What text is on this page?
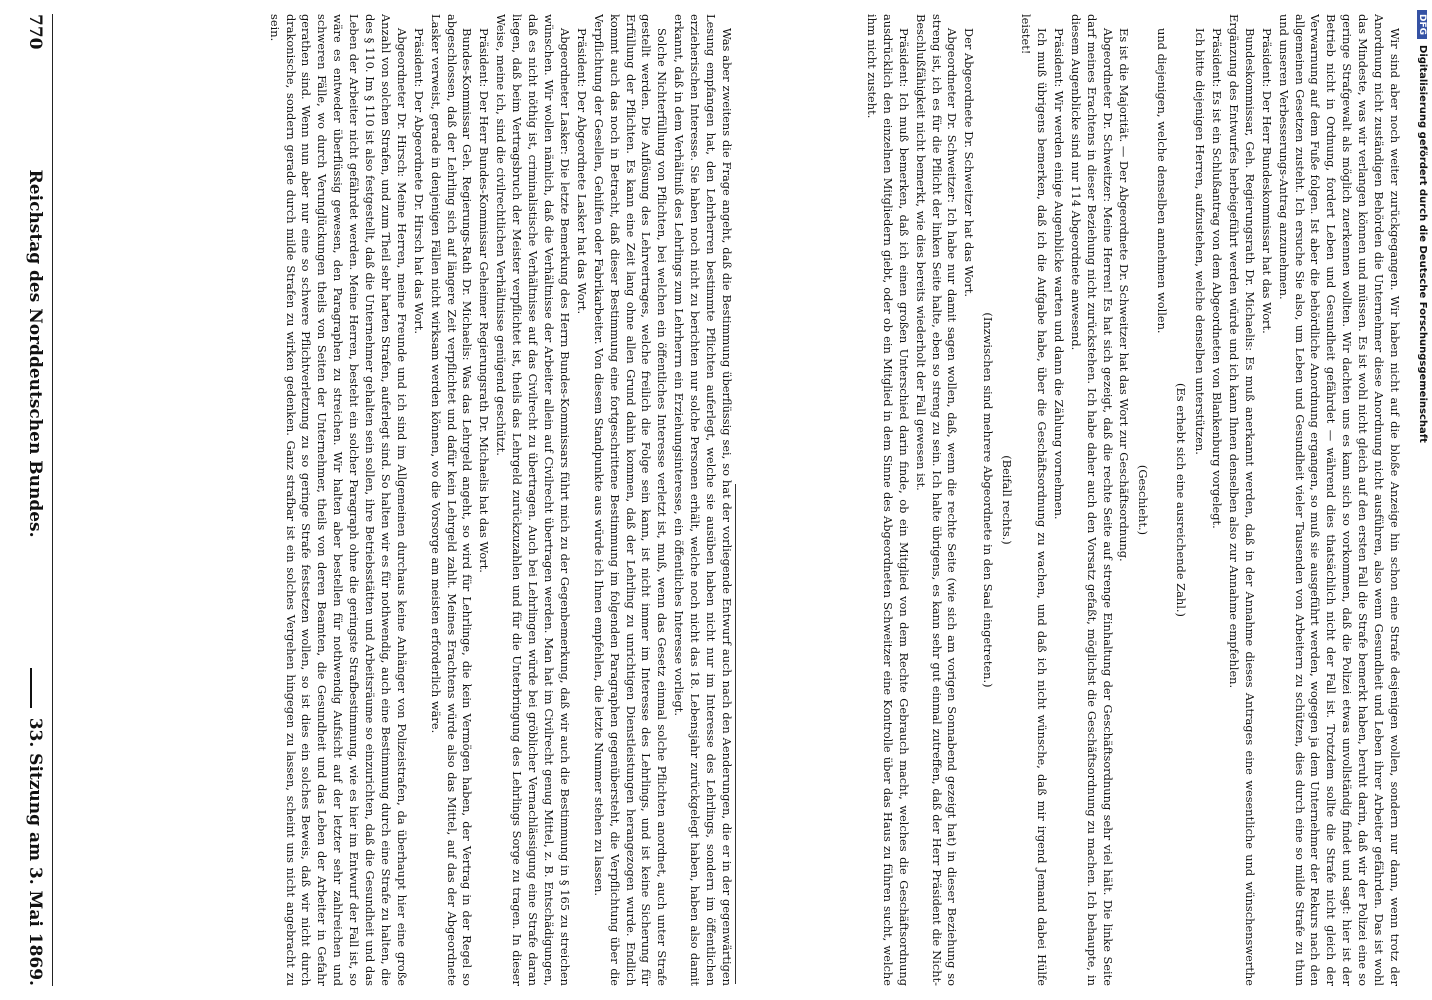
770
Reichstag des Norddeutschen Bundes.
33. Sitzung am 3. Mai 1869.	Was aber zweitens die Frage angeht, daß die Bestimmung überflüssig sei, so hat der vorliegende Entwurf auch nach den Aenderungen, die er in der gegenwärtigen Lesung empfangen hat, den Lehrherren bestimmte Pflichten auferlegt, welche sie ausüben haben nicht nur im Interesse des Lehrlings, sondern im öffentlichen erzieherischen Interesse. Sie haben noch nicht zu berichten nur solche Personen erhält, welche noch nicht das 18. Lebensjahr zurückgelegt haben, haben also damit erkannt, daß in dem Verhältniß des Lehrlings zum Lehrherrn ein Erziehungsinteresse, ein öffentliches Interesse vorliegt.

Solche Nichterfüllung von Pflichten, bei welchen ein öffentliches Interesse verletzt ist, muß, wenn das Gesetz einmal solche Pflichten anordnet, auch unter Strafe gestellt werden. Die Auflösung des Lehrvertrages, welche freilich die Folge sein kann, ist nicht immer im Interesse des Lehrlings, und ist keine Sicherung für Erfüllung der Pflichten. Es kann eine Zeit lang ohne allen Grund dahin kommen, daß der Lehrling zu unrichtigen Dienstleistungen herangezogen wurde. Endlich kommt auch das noch in Betracht, daß dieser Bestimmung eine fortgeschrittene Bestimmung im folgenden Paragraphen gegenübersteht, die Verpflichtung über die Verpflichtung der Gesellen, Gehilfen oder Fabrikarbeiter. Von diesem Standpunkte aus würde ich Ihnen empfehlen, die letzte Nummer stehen zu lassen.

Präsident: Der Abgeordnete Lasker hat das Wort.

Abgeordneter Lasker: Die letzte Bemerkung des Herrn Bundes-Kommissars führt mich zu der Gegenbemerkung, daß wir auch die Bestimmung in § 165 zu streichen wünschen. Wir wollen nämlich, daß die Verhältnisse der Arbeiter allein auf Civilrecht übertragen werden. Man hat im Civilrecht genug Mittel, z. B. Entschädigungen, daß es nicht nöthig ist, criminalistische Verhältnisse auf das Civilrecht zu übertragen. Auch bei Lehrlingen würde bei gröblicher Vernachlässigung eine Strafe daran liegen, daß beim Vertragsbruch der Meister verpflichtet ist, theils das Lehrgeld zurückzuzahlen und für die Unterbringung des Lehrlings Sorge zu tragen. In dieser Weise, meine ich, sind die civilrechtlichen Verhältnisse genügend geschützt.

Präsident: Der Herr Bundes-Kommissar Geheimer Regierungsrath Dr. Michaelis hat das Wort.

Bundes-Kommissar Geh. Regierungs-Rath Dr. Michaelis: Was das Lehrgeld angeht, so wird für Lehrlinge, die kein Vermögen haben, der Vertrag in der Regel so abgeschlossen, daß der Lehrling sich auf längere Zeit verpflichtet und dafür kein Lehrgeld zahlt. Meines Erachtens würde also das Mittel, auf das der Abgeordnete Lasker verweist, gerade in denjenigen Fällen nicht wirksam werden können, wo die Vorsorge am meisten erforderlich wäre.

Präsident: Der Abgeordnete Dr. Hirsch hat das Wort.

Abgeordneter Dr. Hirsch: Meine Herren, meine Freunde und ich sind im Allgemeinen durchaus keine Anhänger von Polizeistrafen, da überhaupt hier eine große Anzahl von solchen Strafen, und zum Theil sehr harten Strafen, auferlegt sind. So halten wir es für nothwendig, auch eine Bestimmung durch eine Strafe zu halten, die des § 110. Im § 110 ist also festgestellt, daß die Unternehmer gehalten sein sollen, ihre Betriebsstätten und Arbeitsräume so einzurichten, daß die Gesundheit und das Leben der Arbeiter nicht gefährdet werden. Meine Herren, besteht ein solcher Paragraph ohne die geringste Strafbestimmung, wie es hier im Entwurf der Fall ist, so wäre es entweder überflüssig gewesen, den Paragraphen zu streichen. Wir halten aber bestellen für nothwendig Aufsicht auf der letzter sehr zahlreichen und schweren Fälle, wo durch Verunglückungen theils von Seiten der Unternehmer, theils von deren Beamten, die Gesundheit und das Leben der Arbeiter in Gefahr gerathen sind. Wenn nun aber nur eine so schwere Pflichtverletzung zu so geringe Strafe festsetzen wollen, so ist dies ein solches Beweis, daß wir nicht durch drakonische, sondern gerade durch milde Strafen zu wirken gedenken. Ganz strafbar ist ein solches Vergehen hingegen zu lassen, scheint uns nicht angebracht zu sein.

Wir sind aber noch weiter zurückgegangen. Wir haben nicht auf die bloße Anzeige hin schon eine Strafe desjenigen wollen, sondern nur dann, wenn trotz der Anordnung nicht zuständigen Behörden die Unternehmer diese Anordnung nicht ausführen, also wenn Gesundheit und Leben ihrer Arbeiter gefährden. Das ist wohl das Mindeste, was wir verlangen können und müssen. Es ist wohl nicht gleich auf den ersten Fall die Strafe bemerkt haben, beruht darin, daß wir der Polizei eine so geringe Strafgewalt als möglich zuerkennen wollten. Wir dachten uns es kann sich so vorkommen, daß die Polizei etwas unvollständig findet und sagt: hier ist der Betrieb nicht in Ordnung, fordert Leben und Gesundheit gefährdet — während dies thatsächlich nicht der Fall ist. Trotzdem sollte die Strafe nicht gleich der Verwarnung auf dem Fuße folgen. Ist aber die behördliche Anordnung ergangen, so muß sie ausgeführt werden, wogegen ja dem Unternehmer der Rekurs nach den allgemeinen Gesetzen zusteht. Ich ersuche Sie also, um Leben und Gesundheit vieler Tausenden von Arbeitern zu schützen, dies durch eine so milde Strafe zu thun und unseren Verbesserungs-Antrag anzunehmen.

Präsident: Der Herr Bundeskommissar hat das Wort.

Bundeskommissar, Geh. Regierungsrath Dr. Michaelis: Es muß anerkannt werden, daß in der Annahme dieses Antrages eine wesentliche und wünschenswerthe Ergänzung des Entwurfes herbeigeführt werden würde und ich kann Ihnen denselben also zur Annahme empfehlen.

Präsident: Es ist ein Schlußantrag von dem Abgeordneten von Blankenburg vorgelegt.

Ich bitte diejenigen Herren, aufzustehen, welche denselben unterstützen.

(Es erhebt sich eine ausreichende Zahl.)

und diejenigen, welche denselben annehmen wollen.

(Geschieht.)

Es ist die Majorität. — Der Abgeordnete Dr. Schweitzer hat das Wort zur Geschäftsordnung.

Abgeordneter Dr. Schweitzer: Meine Herren! Es hat sich gezeigt, daß die rechte Seite auf strenge Einhaltung der Geschäftsordnung sehr viel hält. Die linke Seite darf meines Erachtens in dieser Beziehung nicht zurückstehen. Ich habe daher auch den Vorsatz gefaßt, möglichst die Geschäftsordnung zu machen. Ich behaupte, in diesem Augenblicke sind nur 114 Abgeordnete anwesend.

Präsident: Wir werden einige Augenblicke warten und dann die Zählung vornehmen.

Ich muß übrigens bemerken, daß ich die Aufgabe habe, über die Geschäftsordnung zu wachen, und daß ich nicht wünsche, daß mir irgend Jemand dabei Hülfe leistet!

(Beifall rechts.)

(Inzwischen sind mehrere Abgeordnete in den Saal eingetreten.)

Der Abgeordnete Dr. Schweitzer hat das Wort.

Abgeordneter Dr. Schweitzer: Ich habe nur damit sagen wollen, daß, wenn die rechte Seite (wie sich am vorigen Sonnabend gezeigt hat) in dieser Beziehung so streng ist, ich es für die Pflicht der linken Seite halte, eben so streng zu sein. Ich halte übrigens, es kann sehr gut einmal zutreffen, daß der Herr Präsident die Nicht-Beschlußfähigkeit nicht bemerkt, wie dies bereits wiederholt der Fall gewesen ist.

Präsident: Ich muß bemerken, daß ich einen großen Unterschied darin finde, ob ein Mitglied von dem Rechte Gebrauch macht, welches die Geschäftsordnung ausdrücklich den einzelnen Mitgliedern giebt, oder ob ein Mitglied in dem Sinne des Abgeordneten Schweitzer eine Kontrolle über das Haus zu führen sucht, welche ihm nicht zusteht.	DFGDigitalisierung gefördert durch die Deutsche Forschungsgemeinschaft
